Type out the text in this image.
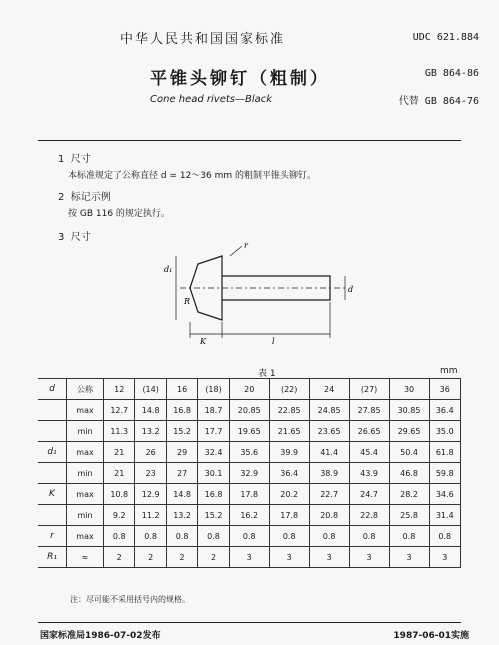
中华人民共和国国家标准	UDC 621.884
GB 864-86
代替 GB 864-76
平锥头铆钉（粗制）
Cone head rivets—Black
1 尺寸
本标准规定了公称直径 d = 12～36 mm 的粗制平锥头铆钉。
2 标记示例
按 GB 116 的规定执行。
3 尺寸
d₁
d
r
K	l
R
表 1	mm
d	公称	12	(14)	16	(18)	20	(22)	24	(27)	30	36
	max	12.7	14.8	16.8	18.7	20.85	22.85	24.85	27.85	30.85	36.4
	min	11.3	13.2	15.2	17.7	19.65	21.65	23.65	26.65	29.65	35.0
d₁	max	21	26	29	32.4	35.6	39.9	41.4	45.4	50.4	61.8
	min	21	23	27	30.1	32.9	36.4	38.9	43.9	46.8	59.8
K	max	10.8	12.9	14.8	16.8	17.8	20.2	22.7	24.7	28.2	34.6
	min	9.2	11.2	13.2	15.2	16.2	17.8	20.8	22.8	25.8	31.4
r	max	0.8	0.8	0.8	0.8	0.8	0.8	0.8	0.8	0.8	0.8
R₁	≈	2	2	2	2	3	3	3	3	3	3
注：尽可能不采用括号内的规格。
国家标准局1986-07-02发布	1987-06-01实施
